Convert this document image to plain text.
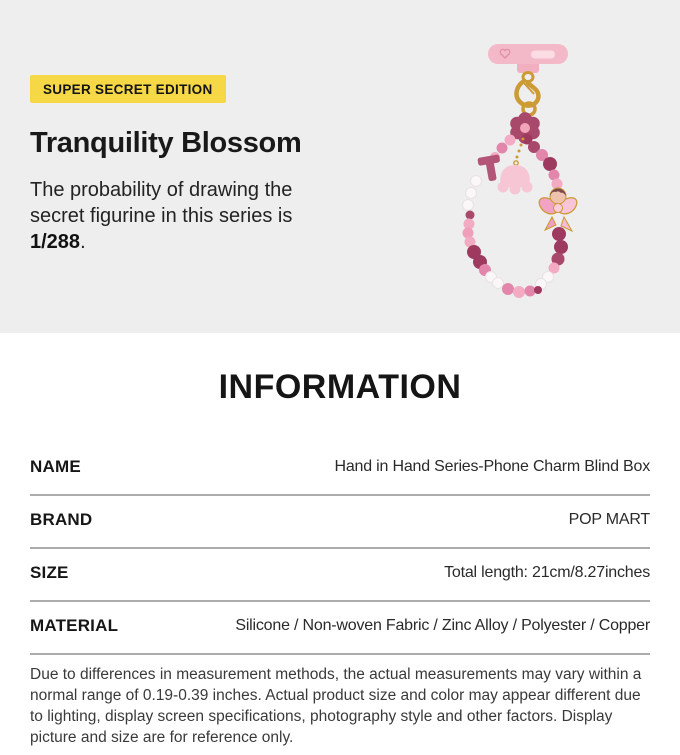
SUPER SECRET EDITION
Tranquility Blossom

The probability of drawing the secret figurine in this series is 1/288.

INFORMATION
NAME	Hand in Hand Series-Phone Charm Blind Box
BRAND	POP MART
SIZE	Total length: 21cm/8.27inches
MATERIAL	Silicone / Non-woven Fabric / Zinc Alloy / Polyester / Copper

Due to differences in measurement methods, the actual measurements may vary within a normal range of 0.19-0.39 inches. Actual product size and color may appear different due to lighting, display screen specifications, photography style and other factors. Display picture and size are for reference only.
